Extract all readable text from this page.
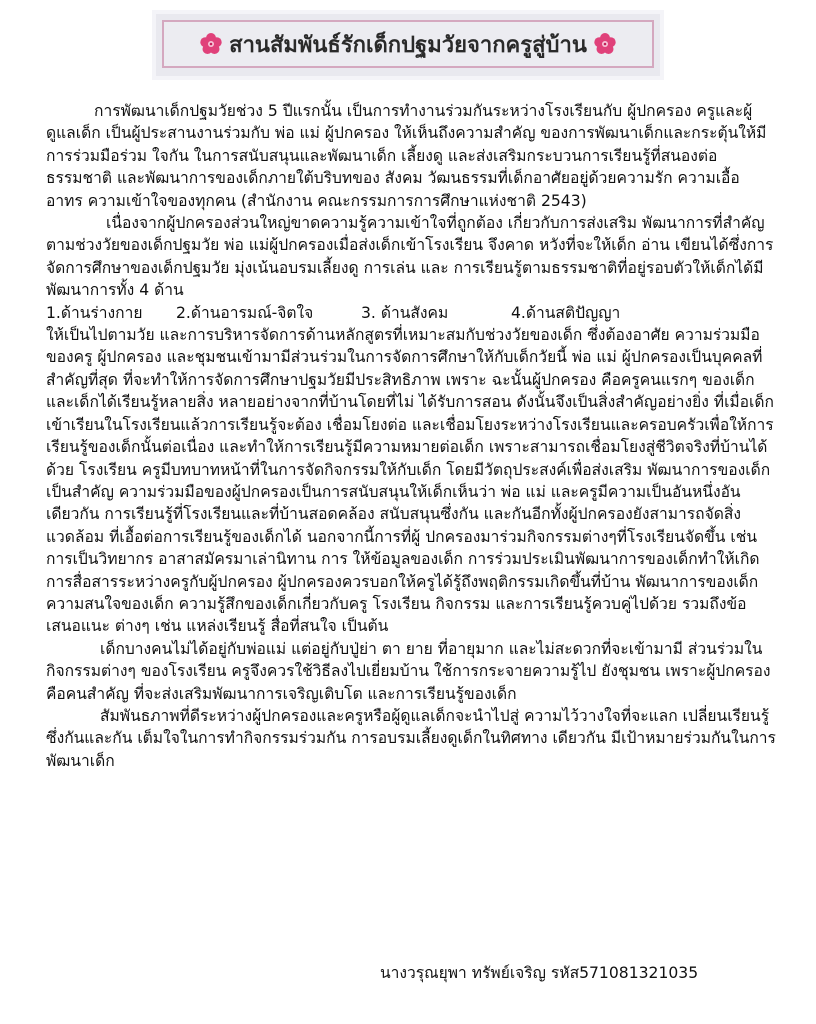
สานสัมพันธ์รักเด็กปฐมวัยจากครูสู่บ้าน

การพัฒนาเด็กปฐมวัยช่วง 5 ปีแรกนั้น เป็นการทำงานร่วมกันระหว่างโรงเรียนกับ ผู้ปกครอง ครูและผู้ดูแลเด็ก เป็นผู้ประสานงานร่วมกับ พ่อ แม่ ผู้ปกครอง ให้เห็นถึงความสำคัญ ของการพัฒนาเด็กและกระตุ้นให้มีการร่วมมือร่วม ใจกัน ในการสนับสนุนและพัฒนาเด็ก เลี้ยงดู และส่งเสริมกระบวนการเรียนรู้ที่สนองต่อธรรมชาติ และพัฒนาการของเด็กภายใต้บริบทของ สังคม วัฒนธรรมที่เด็กอาศัยอยู่ด้วยความรัก ความเอื้ออาทร ความเข้าใจของทุกคน (สำนักงาน คณะกรรมการการศึกษาแห่งชาติ 2543)

เนื่องจากผู้ปกครองส่วนใหญ่ขาดความรู้ความเข้าใจที่ถูกต้อง เกี่ยวกับการส่งเสริม พัฒนาการที่สำคัญตามช่วงวัยของเด็กปฐมวัย พ่อ แม่ผู้ปกครองเมื่อส่งเด็กเข้าโรงเรียน จึงคาด หวังที่จะให้เด็ก อ่าน เขียนได้ซึ่งการจัดการศึกษาของเด็กปฐมวัย มุ่งเน้นอบรมเลี้ยงดู การเล่น และ การเรียนรู้ตามธรรมชาติที่อยู่รอบตัวให้เด็กได้มีพัฒนาการทั้ง 4 ด้าน

1.ด้านร่างกาย	2.ด้านอารมณ์-จิตใจ	3. ด้านสังคม	4.ด้านสติปัญญา

ให้เป็นไปตามวัย และการบริหารจัดการด้านหลักสูตรที่เหมาะสมกับช่วงวัยของเด็ก ซึ่งต้องอาศัย ความร่วมมือของครู ผู้ปกครอง และชุมชนเข้ามามีส่วนร่วมในการจัดการศึกษาให้กับเด็กวัยนี้ พ่อ แม่ ผู้ปกครองเป็นบุคคลที่สำคัญที่สุด ที่จะทำให้การจัดการศึกษาปฐมวัยมีประสิทธิภาพ เพราะ ฉะนั้นผู้ปกครอง คือครูคนแรกๆ ของเด็กและเด็กได้เรียนรู้หลายสิ่ง หลายอย่างจากที่บ้านโดยที่ไม่ ได้รับการสอน ดังนั้นจึงเป็นสิ่งสำคัญอย่างยิ่ง ที่เมื่อเด็กเข้าเรียนในโรงเรียนแล้วการเรียนรู้จะต้อง เชื่อมโยงต่อ และเชื่อมโยงระหว่างโรงเรียนและครอบครัวเพื่อให้การเรียนรู้ของเด็กนั้นต่อเนื่อง และทำให้การเรียนรู้มีความหมายต่อเด็ก เพราะสามารถเชื่อมโยงสู่ชีวิตจริงที่บ้านได้ด้วย โรงเรียน ครูมีบทบาทหน้าที่ในการจัดกิจกรรมให้กับเด็ก โดยมีวัตถุประสงค์เพื่อส่งเสริม พัฒนาการของเด็กเป็นสำคัญ ความร่วมมือของผู้ปกครองเป็นการสนับสนุนให้เด็กเห็นว่า พ่อ แม่ และครูมีความเป็นอันหนึ่งอันเดียวกัน การเรียนรู้ที่โรงเรียนและที่บ้านสอดคล้อง สนับสนุนซึ่งกัน และกันอีกทั้งผู้ปกครองยังสามารถจัดสิ่งแวดล้อม ที่เอื้อต่อการเรียนรู้ของเด็กได้ นอกจากนี้การที่ผู้ ปกครองมาร่วมกิจกรรมต่างๆที่โรงเรียนจัดขึ้น เช่น การเป็นวิทยากร อาสาสมัครมาเล่านิทาน การ ให้ข้อมูลของเด็ก การร่วมประเมินพัฒนาการของเด็กทำให้เกิดการสื่อสารระหว่างครูกับผู้ปกครอง ผู้ปกครองควรบอกให้ครูได้รู้ถึงพฤติกรรมเกิดขึ้นที่บ้าน พัฒนาการของเด็ก ความสนใจของเด็ก ความรู้สึกของเด็กเกี่ยวกับครู โรงเรียน กิจกรรม และการเรียนรู้ควบคู่ไปด้วย รวมถึงข้อเสนอแนะ ต่างๆ เช่น แหล่งเรียนรู้ สื่อที่สนใจ เป็นต้น

เด็กบางคนไม่ได้อยู่กับพ่อแม่ แต่อยู่กับปู่ย่า ตา ยาย ที่อายุมาก และไม่สะดวกที่จะเข้ามามี ส่วนร่วมในกิจกรรมต่างๆ ของโรงเรียน ครูจึงควรใช้วิธีลงไปเยี่ยมบ้าน ใช้การกระจายความรู้ไป ยังชุมชน เพราะผู้ปกครองคือคนสำคัญ ที่จะส่งเสริมพัฒนาการเจริญเติบโต และการเรียนรู้ของเด็ก

สัมพันธภาพที่ดีระหว่างผู้ปกครองและครูหรือผู้ดูแลเด็กจะนำไปสู่ ความไว้วางใจที่จะแลก เปลี่ยนเรียนรู้ซึ่งกันและกัน เต็มใจในการทำกิจกรรมร่วมกัน การอบรมเลี้ยงดูเด็กในทิศทาง เดียวกัน มีเป้าหมายร่วมกันในการพัฒนาเด็ก

นางวรุณยุพา ทรัพย์เจริญ รหัส571081321035
